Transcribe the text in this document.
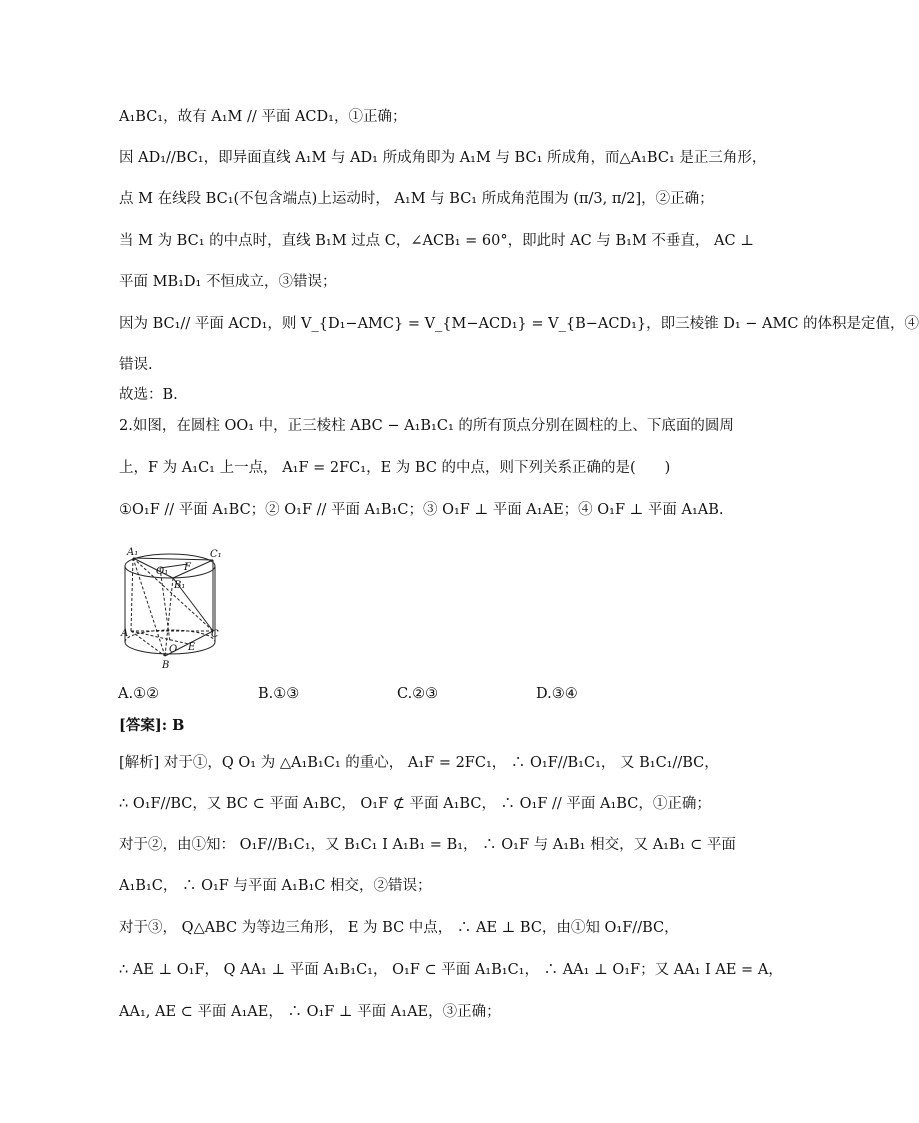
A₁BC₁，故有 A₁M // 平面 ACD₁，①正确；
因 AD₁//BC₁，即异面直线 A₁M 与 AD₁ 所成角即为 A₁M 与 BC₁ 所成角，而△A₁BC₁ 是正三角形，
点 M 在线段 BC₁(不包含端点)上运动时， A₁M 与 BC₁ 所成角范围为 (π/3, π/2]，②正确；
当 M 为 BC₁ 的中点时，直线 B₁M 过点 C，∠ACB₁ = 60°，即此时 AC 与 B₁M 不垂直， AC ⊥
平面 MB₁D₁ 不恒成立，③错误；
因为 BC₁// 平面 ACD₁，则 V_{D₁−AMC} = V_{M−ACD₁} = V_{B−ACD₁}，即三棱锥 D₁ − AMC 的体积是定值，④
错误.
故选：B.
2.如图，在圆柱 OO₁ 中，正三棱柱 ABC − A₁B₁C₁ 的所有顶点分别在圆柱的上、下底面的圆周
上，F 为 A₁C₁ 上一点， A₁F = 2FC₁，E 为 BC 的中点，则下列关系正确的是(　　)
①O₁F // 平面 A₁BC；② O₁F // 平面 A₁B₁C；③ O₁F ⊥ 平面 A₁AE；④ O₁F ⊥ 平面 A₁AB.
A₁	C₁
O₁ F
B₁
A	C
O E
B
A.①②	B.①③	C.②③	D.③④
[答案]: B
[解析] 对于①，Q O₁ 为 △A₁B₁C₁ 的重心， A₁F = 2FC₁， ∴ O₁F//B₁C₁， 又 B₁C₁//BC，
∴ O₁F//BC，又 BC ⊂ 平面 A₁BC， O₁F ⊄ 平面 A₁BC， ∴ O₁F // 平面 A₁BC，①正确；
对于②，由①知： O₁F//B₁C₁，又 B₁C₁ I A₁B₁ = B₁， ∴ O₁F 与 A₁B₁ 相交，又 A₁B₁ ⊂ 平面
A₁B₁C， ∴ O₁F 与平面 A₁B₁C 相交，②错误；
对于③， Q△ABC 为等边三角形， E 为 BC 中点， ∴ AE ⊥ BC，由①知 O₁F//BC，
∴ AE ⊥ O₁F， Q AA₁ ⊥ 平面 A₁B₁C₁， O₁F ⊂ 平面 A₁B₁C₁， ∴ AA₁ ⊥ O₁F；又 AA₁ I AE = A，
AA₁, AE ⊂ 平面 A₁AE， ∴ O₁F ⊥ 平面 A₁AE，③正确；
